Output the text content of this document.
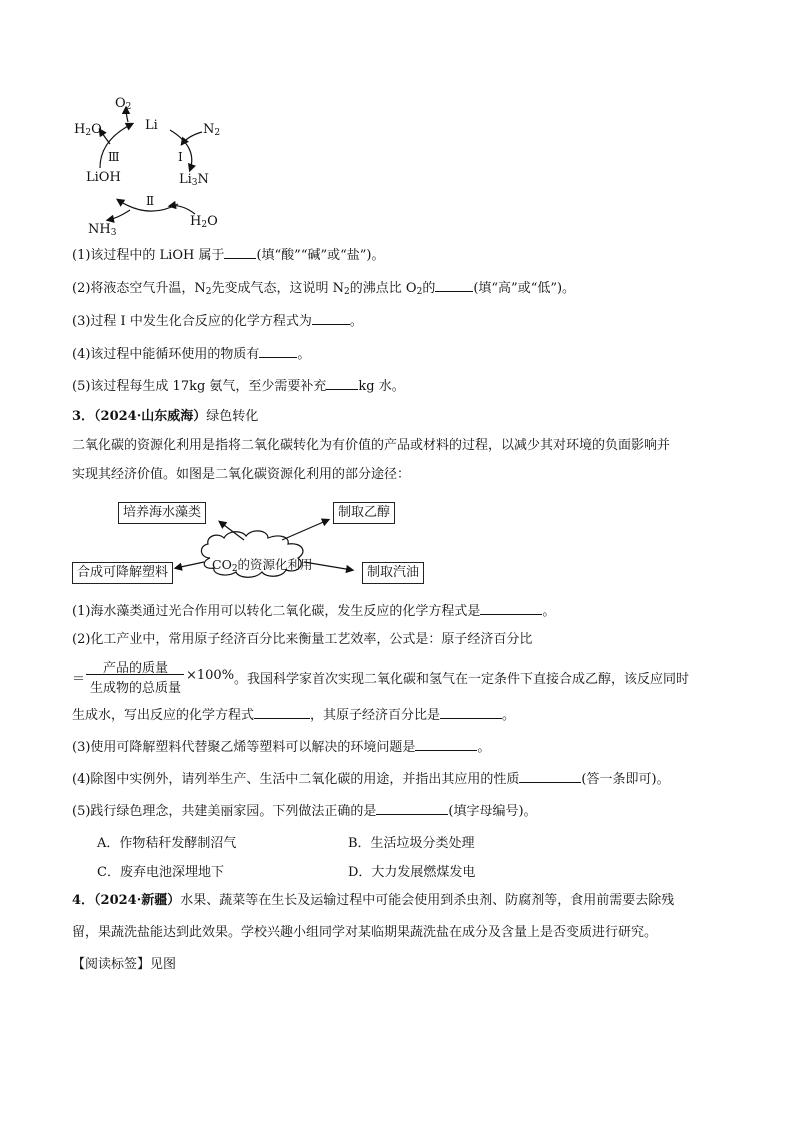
$O_2$
Li	$N_2$
$H_2O$
Ⅲ	Ⅰ
LiOH	$Li_3N$
Ⅱ
$H_2O$
$NH_3$
(1)该过程中的 LiOH 属于 (填“酸”“碱”或“盐”)。
(2)将液态空气升温，$N_2$先变成气态，这说明 $N_2$的沸点比 $O_2$的	(填“高”或“低”)。
(3)过程 I 中发生化合反应的化学方程式为	。
(4)该过程中能循环使用的物质有	。
(5)该过程每生成 17kg 氨气，至少需要补充 kg 水。
3．（2024·山东威海）绿色转化
二氧化碳的资源化利用是指将二氧化碳转化为有价值的产品或材料的过程，以减少其对环境的负面影响并
实现其经济价值。如图是二氧化碳资源化利用的部分途径：
培养海水藻类	制取乙醇
合成可降解塑料	制取汽油
$CO_2$的资源化利用
(1)海水藻类通过光合作用可以转化二氧化碳，发生反应的化学方程式是	。
(2)化工产业中，常用原子经济百分比来衡量工艺效率，公式是：原子经济百分比
＝
产品的质量
生成物的总质量
×100% 。我国科学家首次实现二氧化碳和氢气在一定条件下直接合成乙醇，该反应同时
生成水，写出反应的化学方程式	，其原子经济百分比是	。
(3)使用可降解塑料代替聚乙烯等塑料可以解决的环境问题是	。
(4)除图中实例外，请列举生产、生活中二氧化碳的用途，并指出其应用的性质	(答一条即可)。
(5)践行绿色理念，共建美丽家园。下列做法正确的是	(填字母编号)。
A．作物秸秆发酵制沼气	B．生活垃圾分类处理
C．废弃电池深埋地下	D．大力发展燃煤发电
4．（2024·新疆）水果、蔬菜等在生长及运输过程中可能会使用到杀虫剂、防腐剂等，食用前需要去除残
留，果蔬洗盐能达到此效果。学校兴趣小组同学对某临期果蔬洗盐在成分及含量上是否变质进行研究。
【阅读标签】见图
